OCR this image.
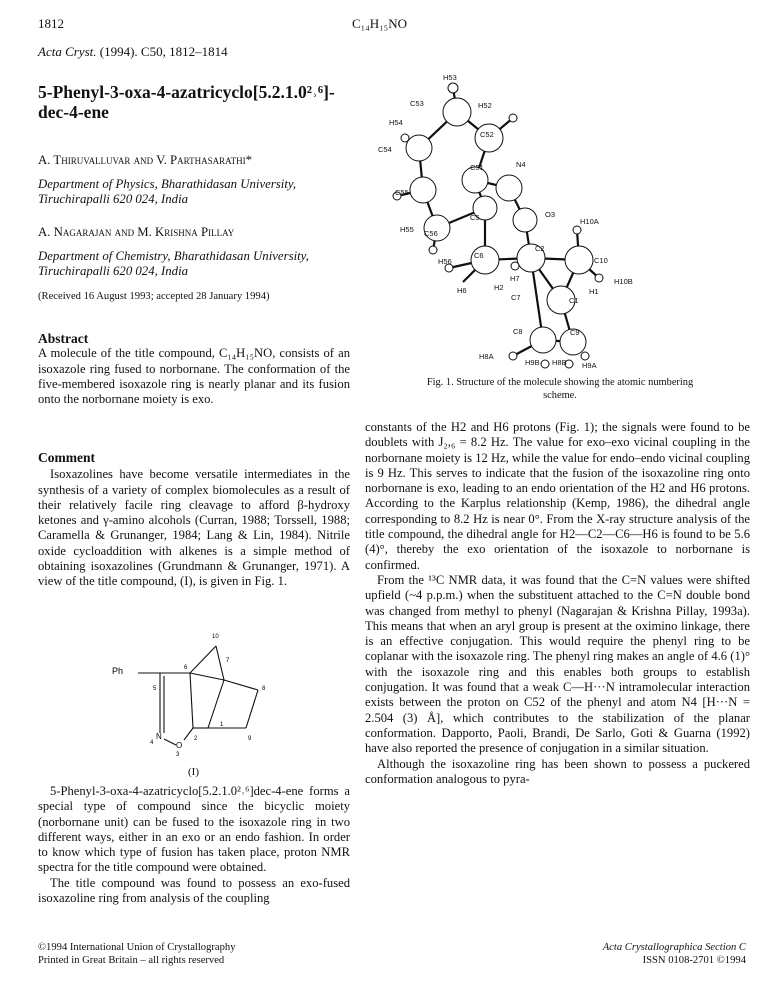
1812	C₁₄H₁₅NO
Acta Cryst. (1994). C50, 1812–1814
5-Phenyl-3-oxa-4-azatricyclo[5.2.1.0²˒⁶]-
dec-4-ene
A. Thiruvalluvar and V. Parthasarathi*
Department of Physics, Bharathidasan University,
Tiruchirapalli 620 024, India
A. Nagarajan and M. Krishna Pillay
Department of Chemistry, Bharathidasan University,
Tiruchirapalli 620 024, India
(Received 16 August 1993; accepted 28 January 1994)
Abstract

A molecule of the title compound, C₁₄H₁₅NO, consists of an isoxazole ring fused to norbornane. The conformation of the five-membered isoxazole ring is nearly planar and its fusion onto the norbornane moiety is exo.

Comment

Isoxazolines have become versatile intermediates in the synthesis of a variety of complex biomolecules as a result of their relatively facile ring cleavage to afford β-hydroxy ketones and γ-amino alcohols (Curran, 1988; Torssell, 1988; Caramella & Grunanger, 1984; Lang & Lin, 1984). Nitrile oxide cycloaddition with alkenes is a simple method of obtaining isoxazolines (Grundmann & Grunanger, 1971). A view of the title compound, (I), is given in Fig. 1.

Ph
10
7
6
8
5
2	9
1
4
3
N
O
(I)

5-Phenyl-3-oxa-4-azatricyclo[5.2.1.0²˒⁶]dec-4-ene forms a special type of compound since the bicyclic moiety (norbornane unit) can be fused to the isoxazole ring in two different ways, either in an exo or an endo fashion. In order to know which type of fusion has taken place, proton NMR spectra for the title compound were obtained.

The title compound was found to possess an exo-fused isoxazoline ring from analysis of the coupling

H53
C53	H52
H54
C52
C54
N4
C51
C55
O3
C5	H10A
H55 C56
C2
C6
C10
H56
H7	H10B
H6	H2	H1
C7	C1
C8	C9
H8A
H9B H8B H9A
Fig. 1. Structure of the molecule showing the atomic numbering
scheme.

constants of the H2 and H6 protons (Fig. 1); the signals were found to be doublets with J₂,₆ = 8.2 Hz. The value for exo–exo vicinal coupling in the norbornane moiety is 12 Hz, while the value for endo–endo vicinal coupling is 9 Hz. This serves to indicate that the fusion of the isoxazoline ring onto norbornane is exo, leading to an endo orientation of the H2 and H6 protons. According to the Karplus relationship (Kemp, 1986), the dihedral angle corresponding to 8.2 Hz is near 0°. From the X-ray structure analysis of the title compound, the dihedral angle for H2—C2—C6—H6 is found to be 5.6 (4)°, thereby the exo orientation of the isoxazole to norbornane is confirmed.

From the ¹³C NMR data, it was found that the C=N values were shifted upfield (~4 p.p.m.) when the substituent attached to the C=N double bond was changed from methyl to phenyl (Nagarajan & Krishna Pillay, 1993a). This means that when an aryl group is present at the oximino linkage, there is an effective conjugation. This would require the phenyl ring to be coplanar with the isoxazole ring. The phenyl ring makes an angle of 4.6 (1)° with the isoxazole ring and this enables both groups to establish conjugation. It was found that a weak C—H···N intramolecular interaction exists between the proton on C52 of the phenyl and atom N4 [H···N = 2.504 (3) Å], which contributes to the stabilization of the planar conformation. Dapporto, Paoli, Brandi, De Sarlo, Goti & Guarna (1992) have also reported the presence of conjugation in a similar situation.

Although the isoxazoline ring has been shown to possess a puckered conformation analogous to pyra-

©1994 International Union of Crystallography
Printed in Great Britain – all rights reserved
Acta Crystallographica Section C
ISSN 0108-2701 ©1994
